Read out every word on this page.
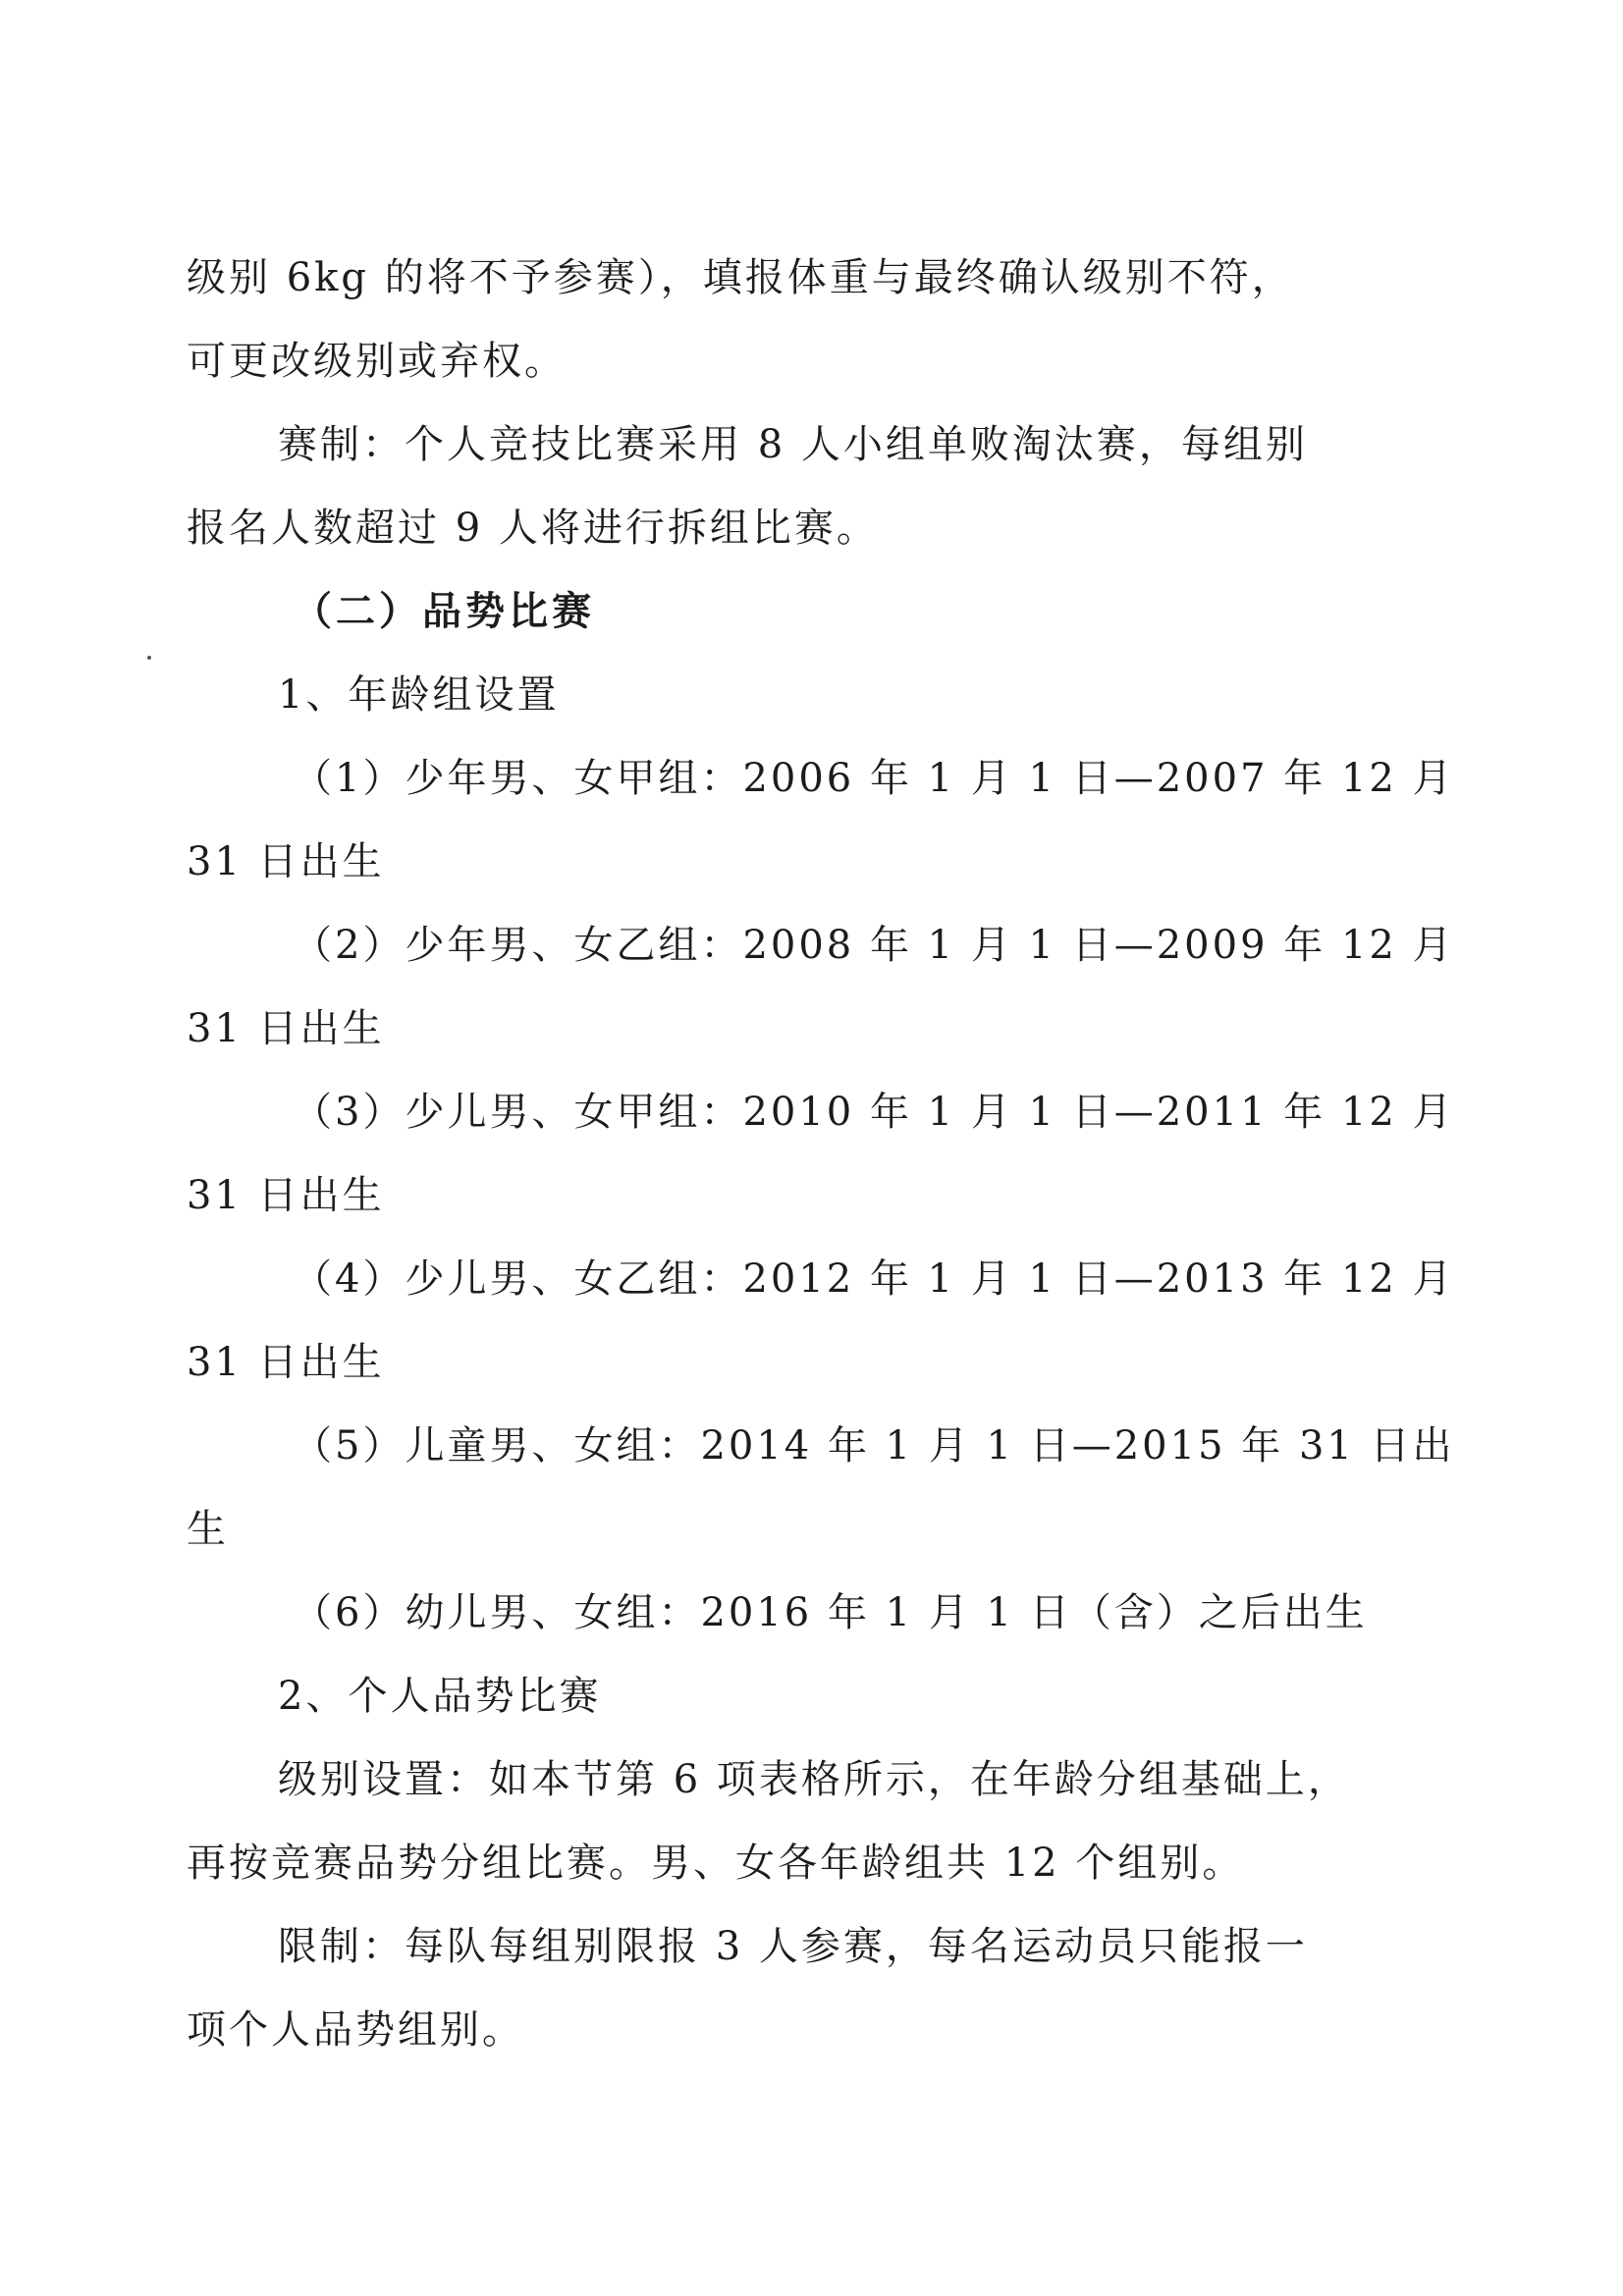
级别 6kg 的将不予参赛），填报体重与最终确认级别不符，
可更改级别或弃权。
赛制：个人竞技比赛采用 8 人小组单败淘汰赛，每组别
报名人数超过 9 人将进行拆组比赛。
（二）品势比赛
1、年龄组设置
（1）少年男、女甲组：2006 年 1 月 1 日—2007 年 12 月
31 日出生
（2）少年男、女乙组：2008 年 1 月 1 日—2009 年 12 月
31 日出生
（3）少儿男、女甲组：2010 年 1 月 1 日—2011 年 12 月
31 日出生
（4）少儿男、女乙组：2012 年 1 月 1 日—2013 年 12 月
31 日出生
（5）儿童男、女组：2014 年 1 月 1 日—2015 年 31 日出
生
（6）幼儿男、女组：2016 年 1 月 1 日（含）之后出生
2、个人品势比赛
级别设置：如本节第 6 项表格所示，在年龄分组基础上，
再按竞赛品势分组比赛。男、女各年龄组共 12 个组别。
限制：每队每组别限报 3 人参赛，每名运动员只能报一
项个人品势组别。
